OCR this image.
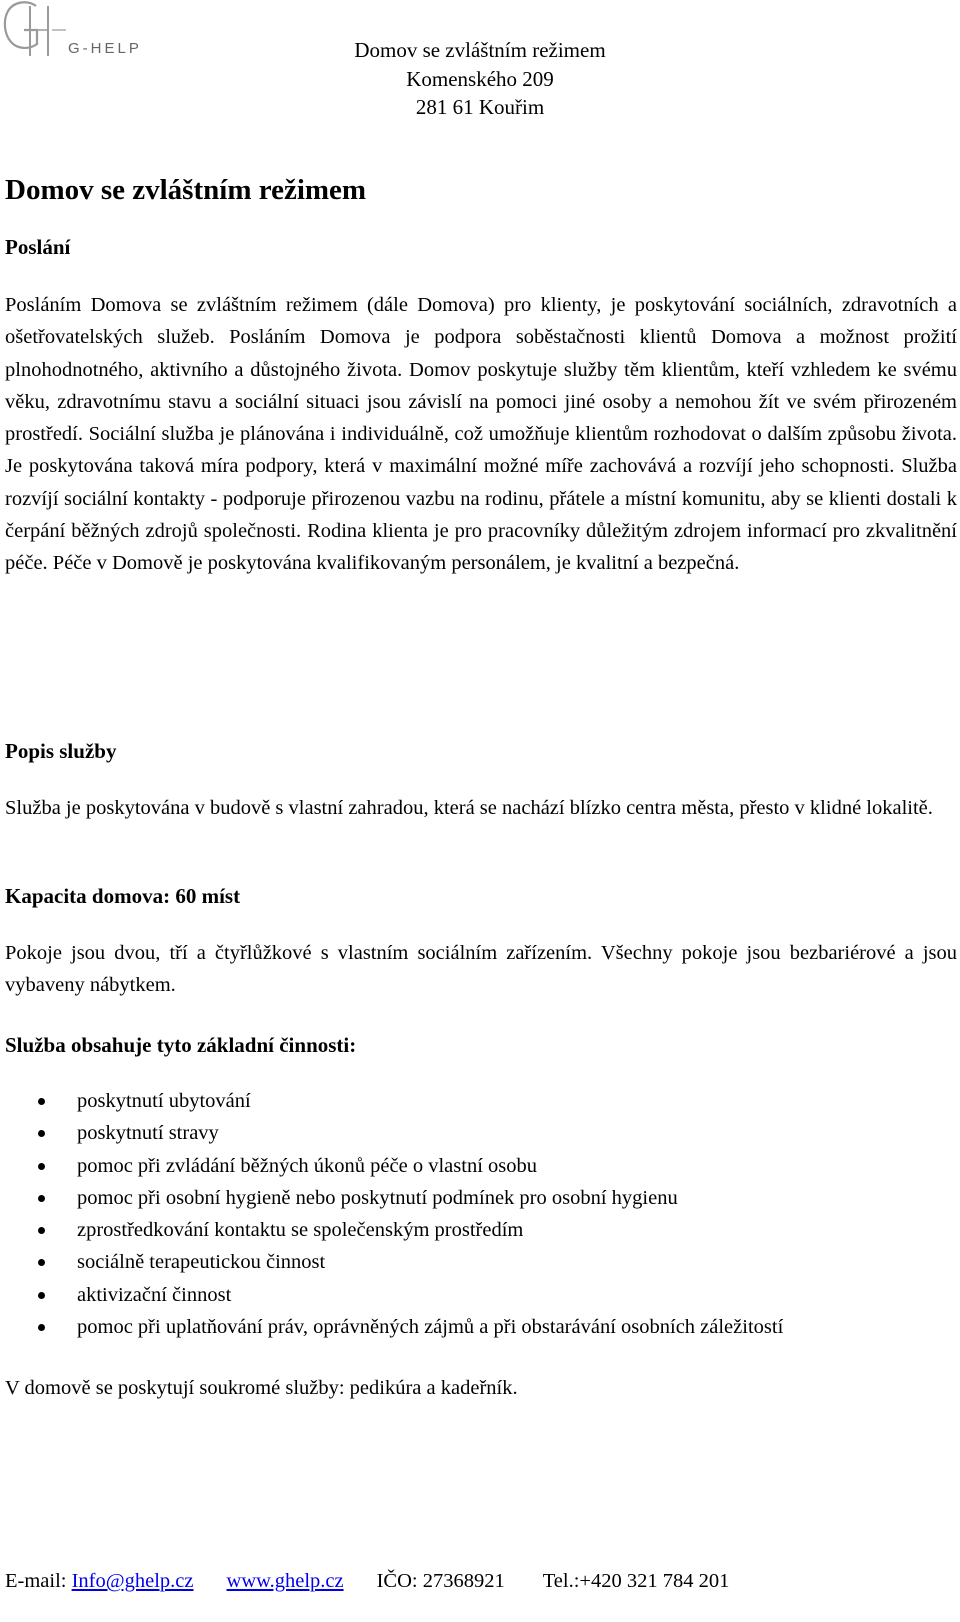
G-HELP	Domov se zvláštním režimem
Komenského 209
281 61 Kouřim
Domov se zvláštním režimem
Poslání

Posláním Domova se zvláštním režimem (dále Domova) pro klienty, je poskytování sociálních, zdravotních a ošetřovatelských služeb. Posláním Domova je podpora soběstačnosti klientů Domova a možnost prožití plnohodnotného, aktivního a důstojného života. Domov poskytuje služby těm klientům, kteří vzhledem ke svému věku, zdravotnímu stavu a sociální situaci jsou závislí na pomoci jiné osoby a nemohou žít ve svém přirozeném prostředí. Sociální služba je plánována i individuálně, což umožňuje klientům rozhodovat o dalším způsobu života. Je poskytována taková míra podpory, která v maximální možné míře zachovává a rozvíjí jeho schopnosti. Služba rozvíjí sociální kontakty - podporuje přirozenou vazbu na rodinu, přátele a místní komunitu, aby se klienti dostali k čerpání běžných zdrojů společnosti. Rodina klienta je pro pracovníky důležitým zdrojem informací pro zkvalitnění péče. Péče v Domově je poskytována kvalifikovaným personálem, je kvalitní a bezpečná.

Popis služby

Služba je poskytována v budově s vlastní zahradou, která se nachází blízko centra města, přesto v klidné lokalitě.

Kapacita domova: 60 míst

Pokoje jsou dvou, tří a čtyřlůžkové s vlastním sociálním zařízením. Všechny pokoje jsou bezbariérové a jsou vybaveny nábytkem.

Služba obsahuje tyto základní činnosti:
poskytnutí ubytování
poskytnutí stravy
pomoc při zvládání běžných úkonů péče o vlastní osobu
pomoc při osobní hygieně nebo poskytnutí podmínek pro osobní hygienu
zprostředkování kontaktu se společenským prostředím
sociálně terapeutickou činnost
aktivizační činnost
pomoc při uplatňování práv, oprávněných zájmů a při obstarávání osobních záležitostí

V domově se poskytují soukromé služby: pedikúra a kadeřník.

E-mail: Info@ghelp.cz www.ghelp.cz IČO: 27368921 Tel.:+420 321 784 201
